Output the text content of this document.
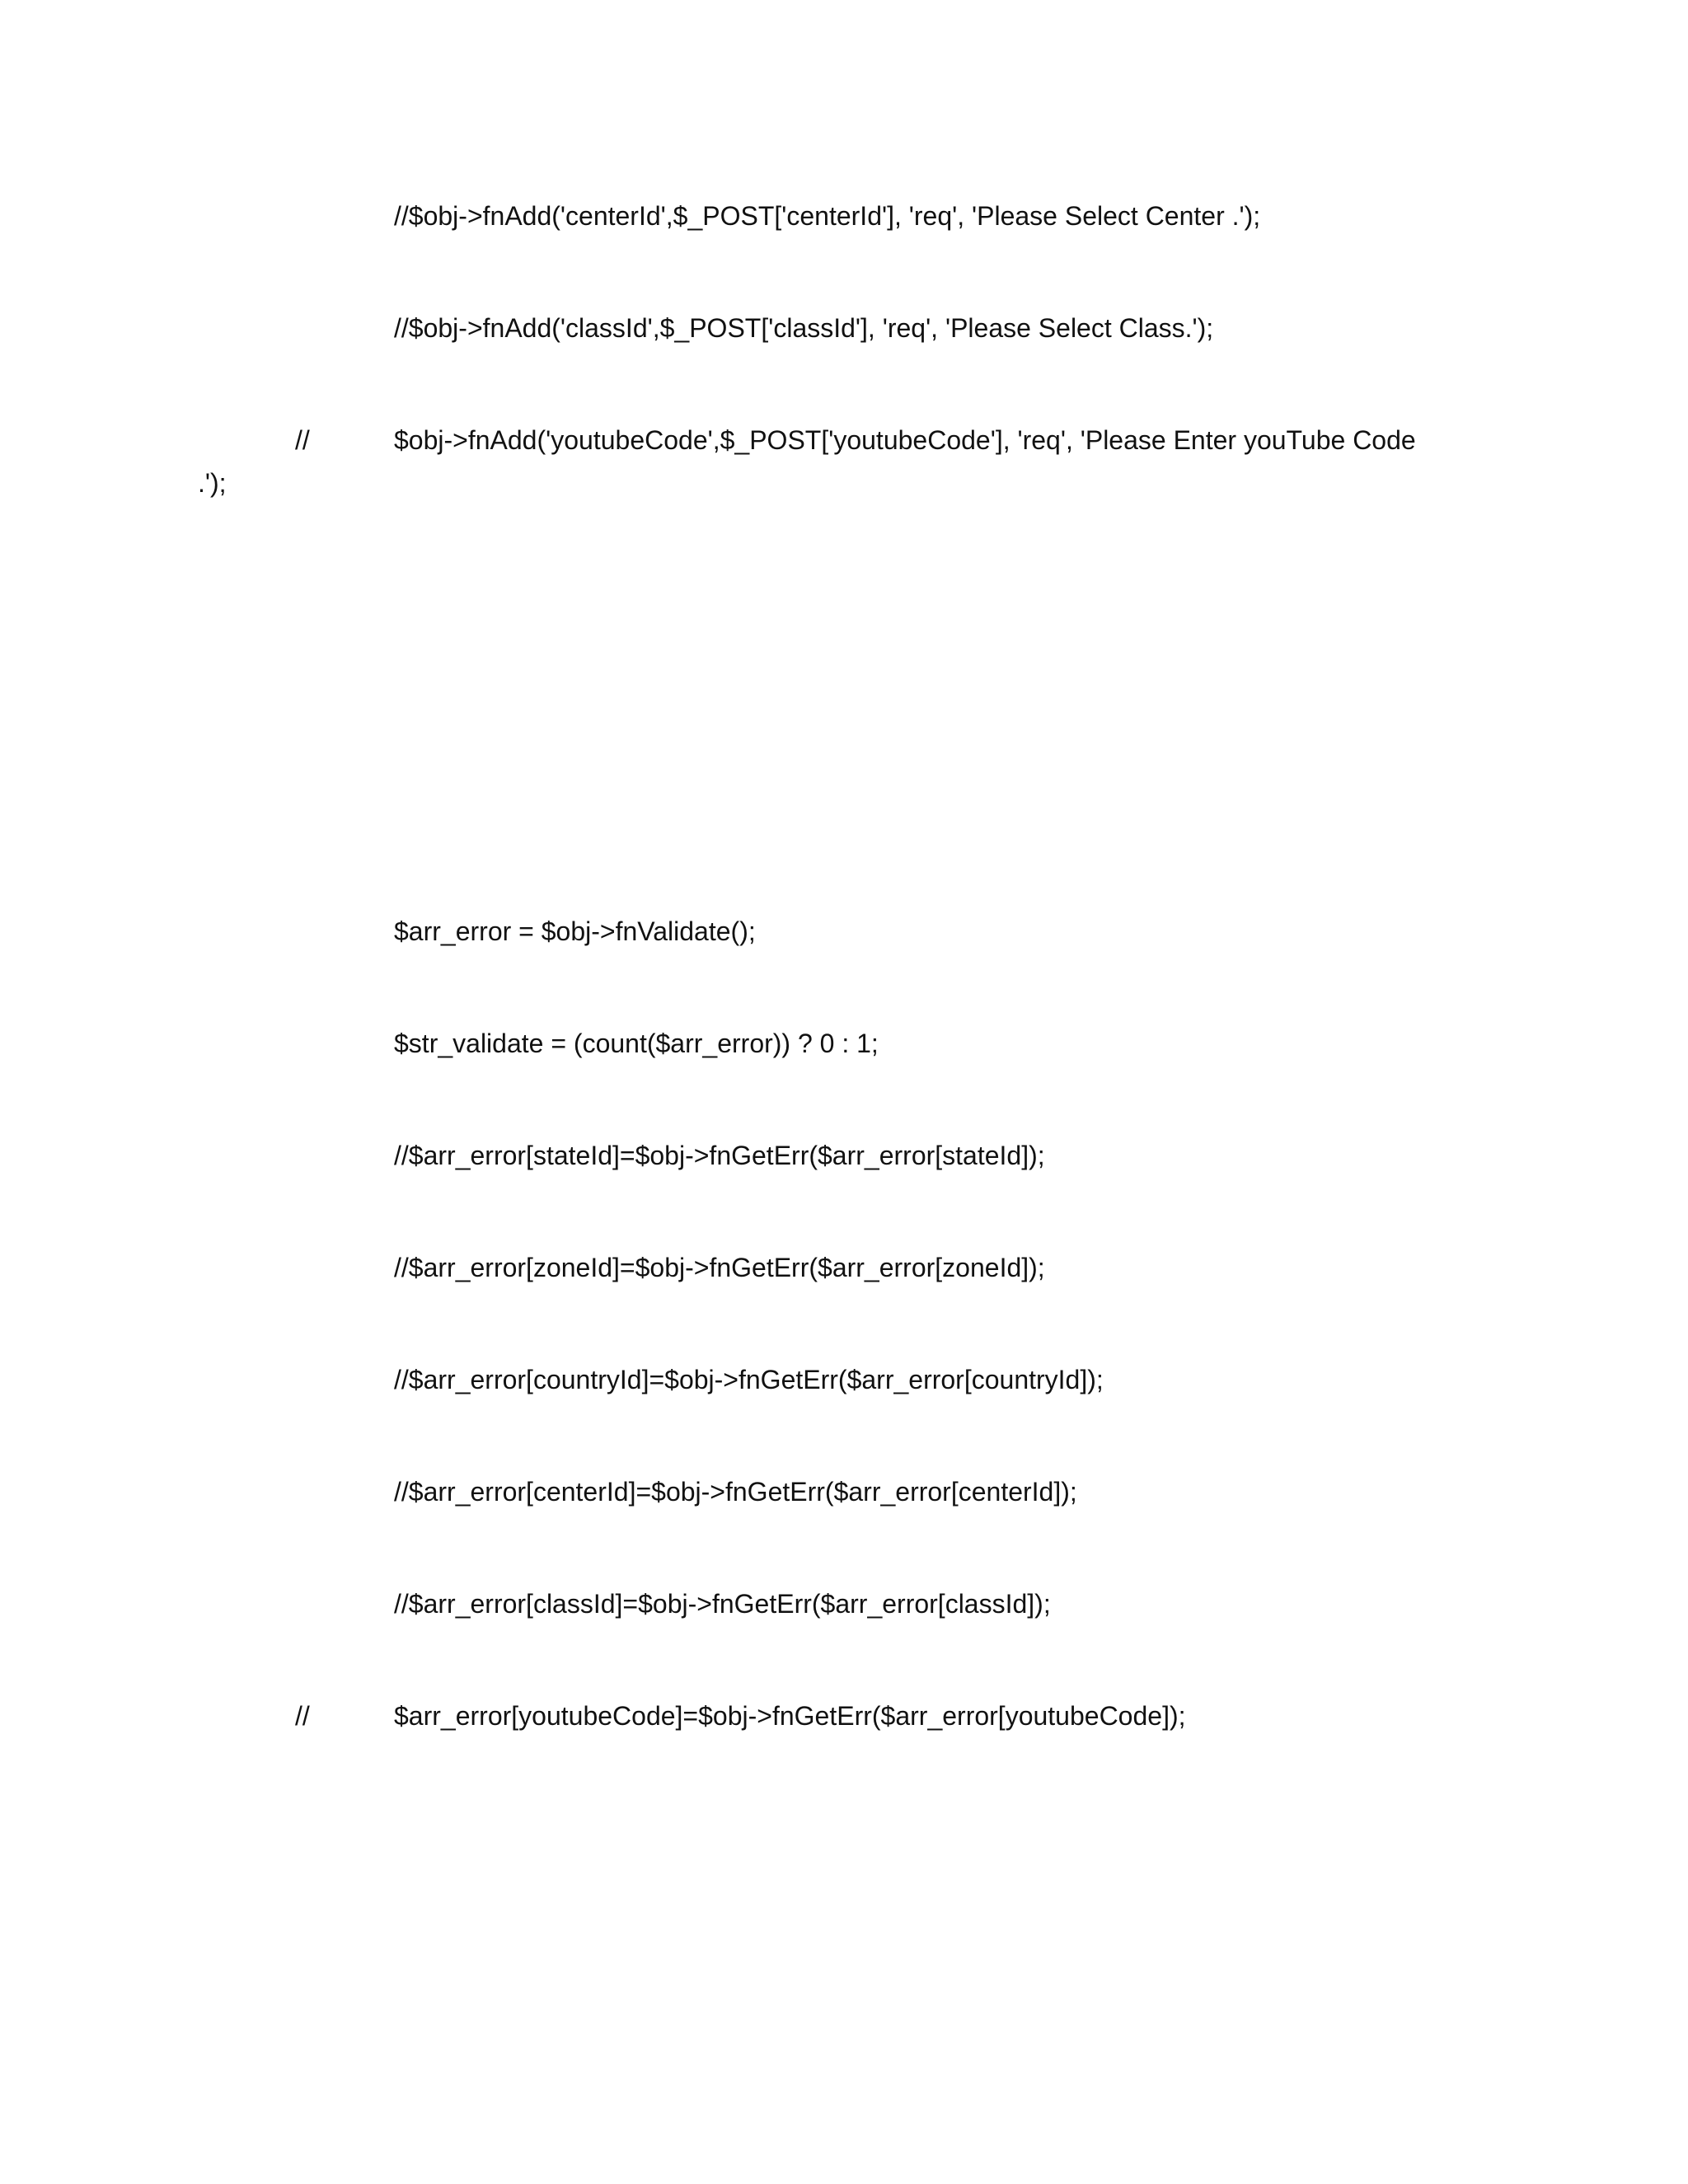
//$obj->fnAdd('centerId',$_POST['centerId'], 'req', 'Please Select Center .');
//$obj->fnAdd('classId',$_POST['classId'], 'req', 'Please Select Class.');
//	$obj->fnAdd('youtubeCode',$_POST['youtubeCode'], 'req', 'Please Enter youTube Code
.');
$arr_error = $obj->fnValidate();
$str_validate = (count($arr_error)) ? 0 : 1;
//$arr_error[stateId]=$obj->fnGetErr($arr_error[stateId]);
//$arr_error[zoneId]=$obj->fnGetErr($arr_error[zoneId]);
//$arr_error[countryId]=$obj->fnGetErr($arr_error[countryId]);
//$arr_error[centerId]=$obj->fnGetErr($arr_error[centerId]);
//$arr_error[classId]=$obj->fnGetErr($arr_error[classId]);
//	$arr_error[youtubeCode]=$obj->fnGetErr($arr_error[youtubeCode]);
